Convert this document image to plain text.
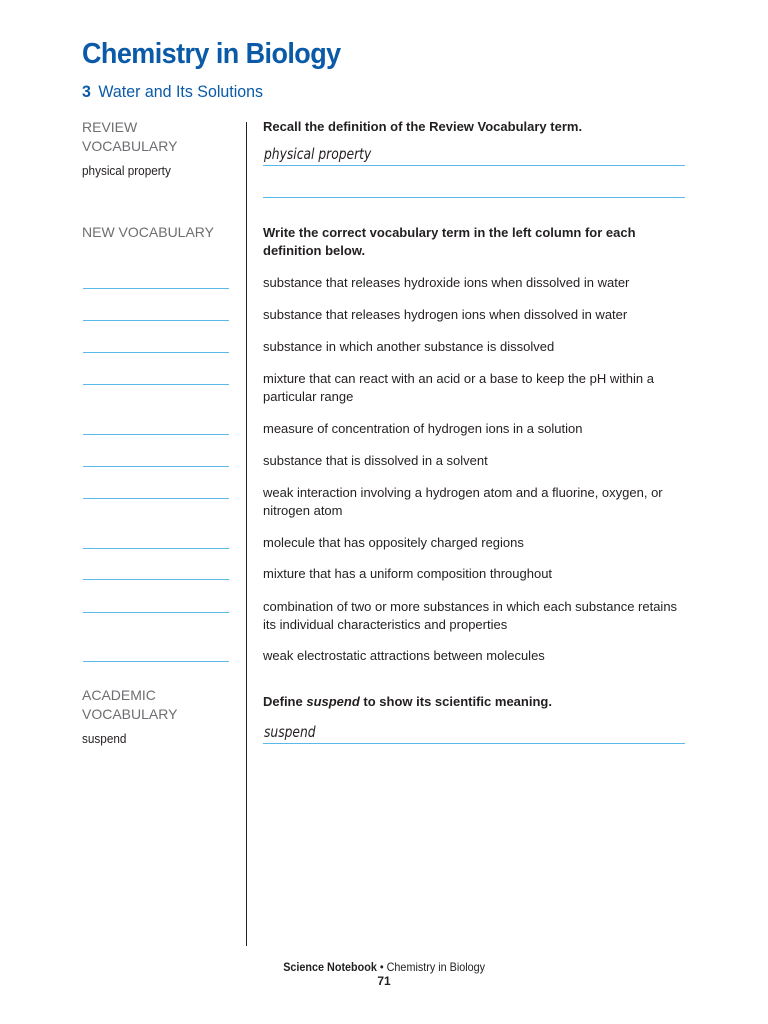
Chemistry in Biology
3 Water and Its Solutions
REVIEW VOCABULARY
physical property
Recall the definition of the Review Vocabulary term.
physical property
NEW VOCABULARY	Write the correct vocabulary term in the left column for each definition below.
substance that releases hydroxide ions when dissolved in water
substance that releases hydrogen ions when dissolved in water
substance in which another substance is dissolved
mixture that can react with an acid or a base to keep the pH within a particular range
measure of concentration of hydrogen ions in a solution
substance that is dissolved in a solvent
weak interaction involving a hydrogen atom and a fluorine, oxygen, or nitrogen atom
molecule that has oppositely charged regions
mixture that has a uniform composition throughout
combination of two or more substances in which each substance retains its individual characteristics and properties
weak electrostatic attractions between molecules
ACADEMIC VOCABULARY
suspend
Define suspend to show its scientific meaning.
suspend
Science Notebook • Chemistry in Biology
71
